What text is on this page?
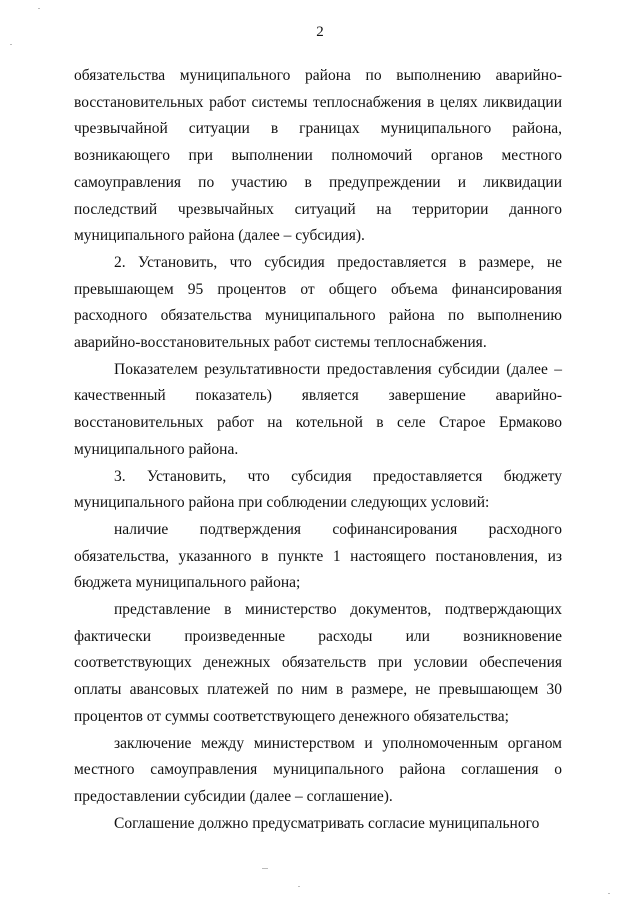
2

обязательства муниципального района по выполнению аварийно-восстановительных работ системы теплоснабжения в целях ликвидации чрезвычайной ситуации в границах муниципального района, возникающего при выполнении полномочий органов местного самоуправления по участию в предупреждении и ликвидации последствий чрезвычайных ситуаций на территории данного муниципального района (далее – субсидия).

2. Установить, что субсидия предоставляется в размере, не превышающем 95 процентов от общего объема финансирования расходного обязательства муниципального района по выполнению аварийно-восстановительных работ системы теплоснабжения.

Показателем результативности предоставления субсидии (далее – качественный показатель) является завершение аварийно-восстановительных работ на котельной в селе Старое Ермаково муниципального района.

3. Установить, что субсидия предоставляется бюджету муниципального района при соблюдении следующих условий:

наличие подтверждения софинансирования расходного обязательства, указанного в пункте 1 настоящего постановления, из бюджета муниципального района;

представление в министерство документов, подтверждающих фактически произведенные расходы или возникновение соответствующих денежных обязательств при условии обеспечения оплаты авансовых платежей по ним в размере, не превышающем 30 процентов от суммы соответствующего денежного обязательства;

заключение между министерством и уполномоченным органом местного самоуправления муниципального района соглашения о предоставлении субсидии (далее – соглашение).

Соглашение должно предусматривать согласие муниципального
